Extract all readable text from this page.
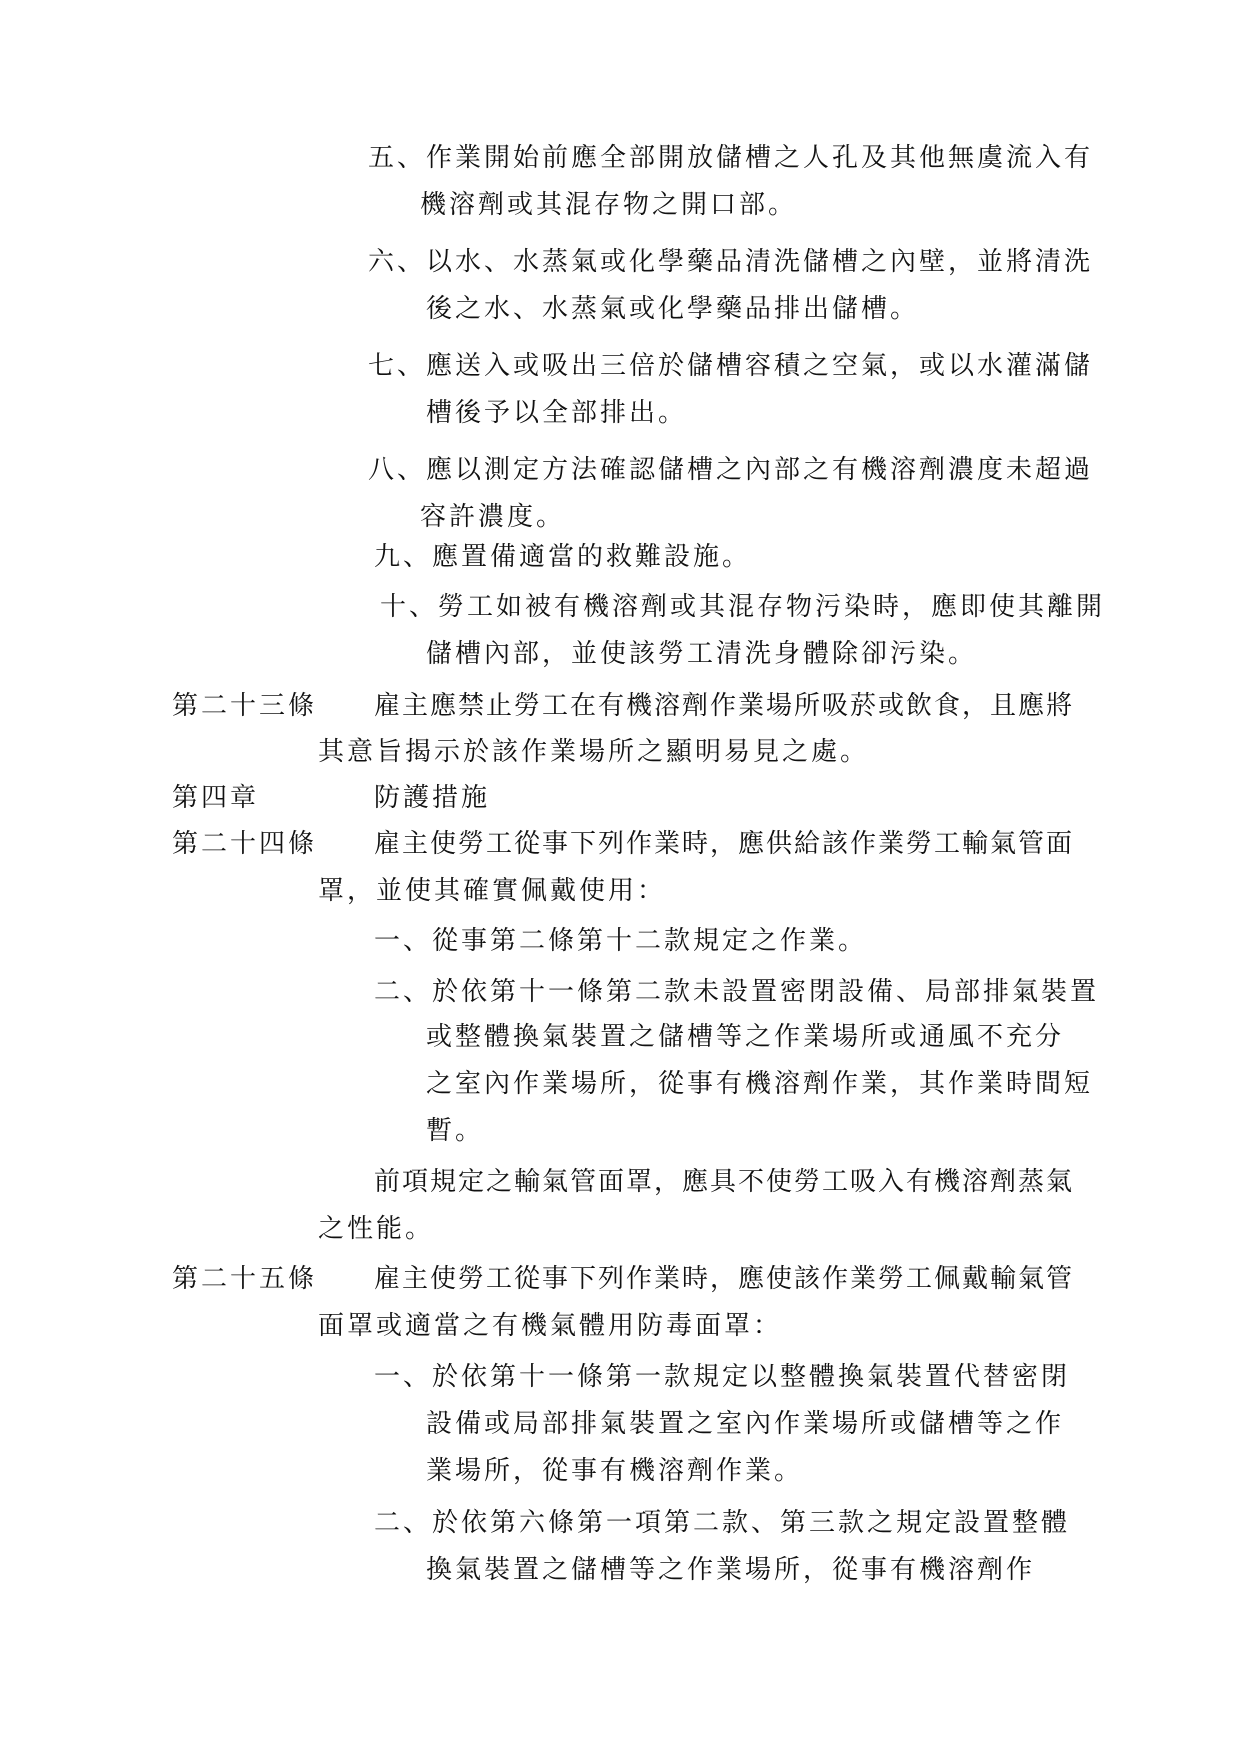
五、作業開始前應全部開放儲槽之人孔及其他無虞流入有
機溶劑或其混存物之開口部。
六、以水、水蒸氣或化學藥品清洗儲槽之內壁，並將清洗
後之水、水蒸氣或化學藥品排出儲槽。
七、應送入或吸出三倍於儲槽容積之空氣，或以水灌滿儲
槽後予以全部排出。
八、應以測定方法確認儲槽之內部之有機溶劑濃度未超過
容許濃度。
九、應置備適當的救難設施。
十、勞工如被有機溶劑或其混存物污染時，應即使其離開
儲槽內部，並使該勞工清洗身體除卻污染。
第二十三條 雇主應禁止勞工在有機溶劑作業場所吸菸或飲食，且應將
其意旨揭示於該作業場所之顯明易見之處。
第四章	防護措施
第二十四條 雇主使勞工從事下列作業時，應供給該作業勞工輸氣管面
罩，並使其確實佩戴使用：
一、從事第二條第十二款規定之作業。
二、於依第十一條第二款未設置密閉設備、局部排氣裝置
或整體換氣裝置之儲槽等之作業場所或通風不充分
之室內作業場所，從事有機溶劑作業，其作業時間短
暫。
前項規定之輸氣管面罩，應具不使勞工吸入有機溶劑蒸氣
之性能。
第二十五條 雇主使勞工從事下列作業時，應使該作業勞工佩戴輸氣管
面罩或適當之有機氣體用防毒面罩：
一、於依第十一條第一款規定以整體換氣裝置代替密閉
設備或局部排氣裝置之室內作業場所或儲槽等之作
業場所，從事有機溶劑作業。
二、於依第六條第一項第二款、第三款之規定設置整體
換氣裝置之儲槽等之作業場所，從事有機溶劑作
